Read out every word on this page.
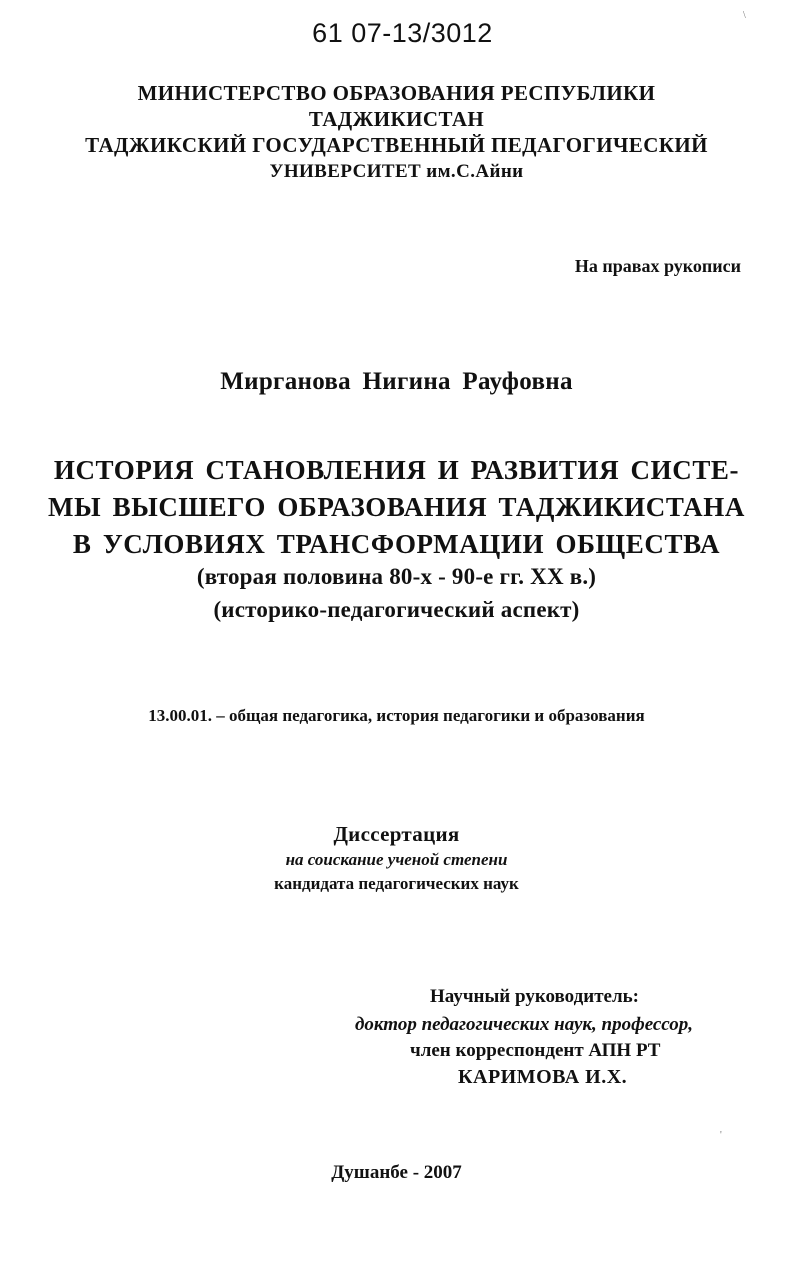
61 07-13/3012
МИНИСТЕРСТВО ОБРАЗОВАНИЯ РЕСПУБЛИКИ
ТАДЖИКИСТАН
ТАДЖИКСКИЙ ГОСУДАРСТВЕННЫЙ ПЕДАГОГИЧЕСКИЙ
УНИВЕРСИТЕТ им.С.Айни
На правах рукописи
Мирганова Нигина Рауфовна
ИСТОРИЯ СТАНОВЛЕНИЯ И РАЗВИТИЯ СИСТЕ-
МЫ ВЫСШЕГО ОБРАЗОВАНИЯ ТАДЖИКИСТАНА
В УСЛОВИЯХ ТРАНСФОРМАЦИИ ОБЩЕСТВА
(вторая половина 80-х - 90-е гг. XX в.)
(историко-педагогический аспект)
13.00.01. – общая педагогика, история педагогики и образования
Диссертация
на соискание ученой степени
кандидата педагогических наук
Научный руководитель:
доктор педагогических наук, профессор,
член корреспондент АПН РТ
КАРИМОВА И.Х.
Душанбе - 2007
\
'
